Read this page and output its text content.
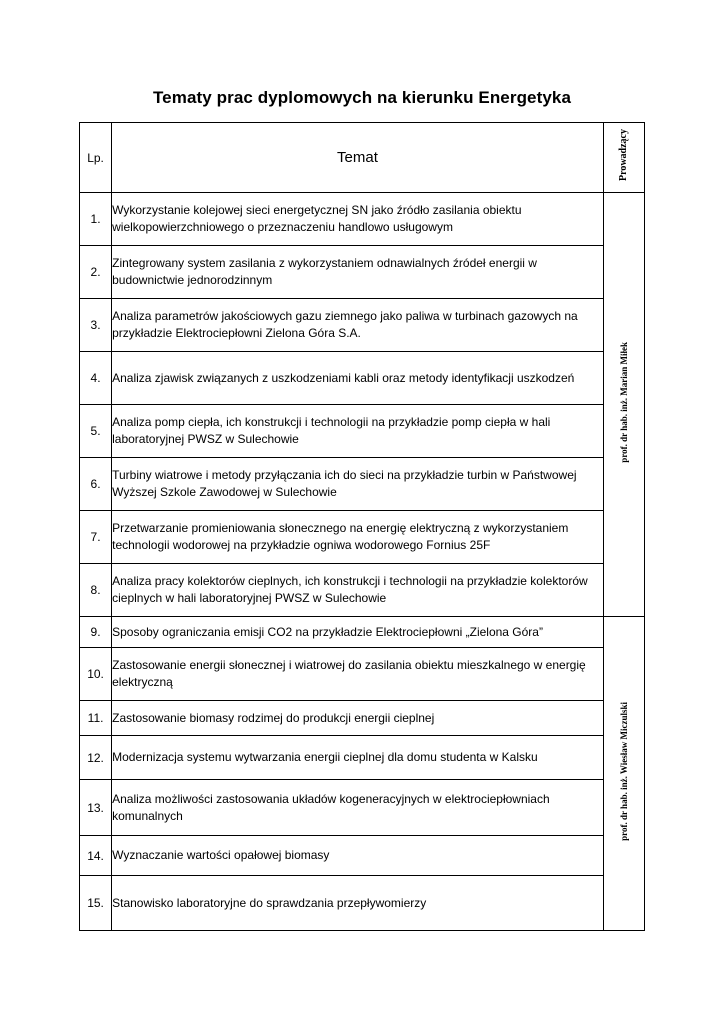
Tematy prac dyplomowych na kierunku Energetyka
Lp.	Temat	Prowadzący
1.	Wykorzystanie kolejowej sieci energetycznej SN jako źródło zasilania obiektu wielkopowierzchniowego o przeznaczeniu handlowo usługowym	prof. dr hab. inż. Marian Miłek
2.	Zintegrowany system zasilania z wykorzystaniem odnawialnych źródeł energii w budownictwie jednorodzinnym	
3.	Analiza parametrów jakościowych gazu ziemnego jako paliwa w turbinach gazowych na przykładzie Elektrociepłowni Zielona Góra S.A.	
4.	Analiza zjawisk związanych z uszkodzeniami kabli oraz metody identyfikacji uszkodzeń	
5.	Analiza pomp ciepła, ich konstrukcji i technologii na przykładzie pomp ciepła w hali laboratoryjnej PWSZ w Sulechowie	
6.	Turbiny wiatrowe i metody przyłączania ich do sieci na przykładzie turbin w Państwowej Wyższej Szkole Zawodowej w Sulechowie	
7.	Przetwarzanie promieniowania słonecznego na energię elektryczną z wykorzystaniem technologii wodorowej na przykładzie ogniwa wodorowego Fornius 25F	
8.	Analiza pracy kolektorów cieplnych, ich konstrukcji i technologii na przykładzie kolektorów cieplnych w hali laboratoryjnej PWSZ w Sulechowie	
9.	Sposoby ograniczania emisji CO2 na przykładzie Elektrociepłowni „Zielona Góra”	prof. dr hab. inż. Wiesław Miczulski
10.	Zastosowanie energii słonecznej i wiatrowej do zasilania obiektu mieszkalnego w energię elektryczną	
11.	Zastosowanie biomasy rodzimej do produkcji energii cieplnej	
12.	Modernizacja systemu wytwarzania energii cieplnej dla domu studenta w Kalsku	
13.	Analiza możliwości zastosowania układów kogeneracyjnych w elektrociepłowniach komunalnych	
14.	Wyznaczanie wartości opałowej biomasy	
15.	Stanowisko laboratoryjne do sprawdzania przepływomierzy	
